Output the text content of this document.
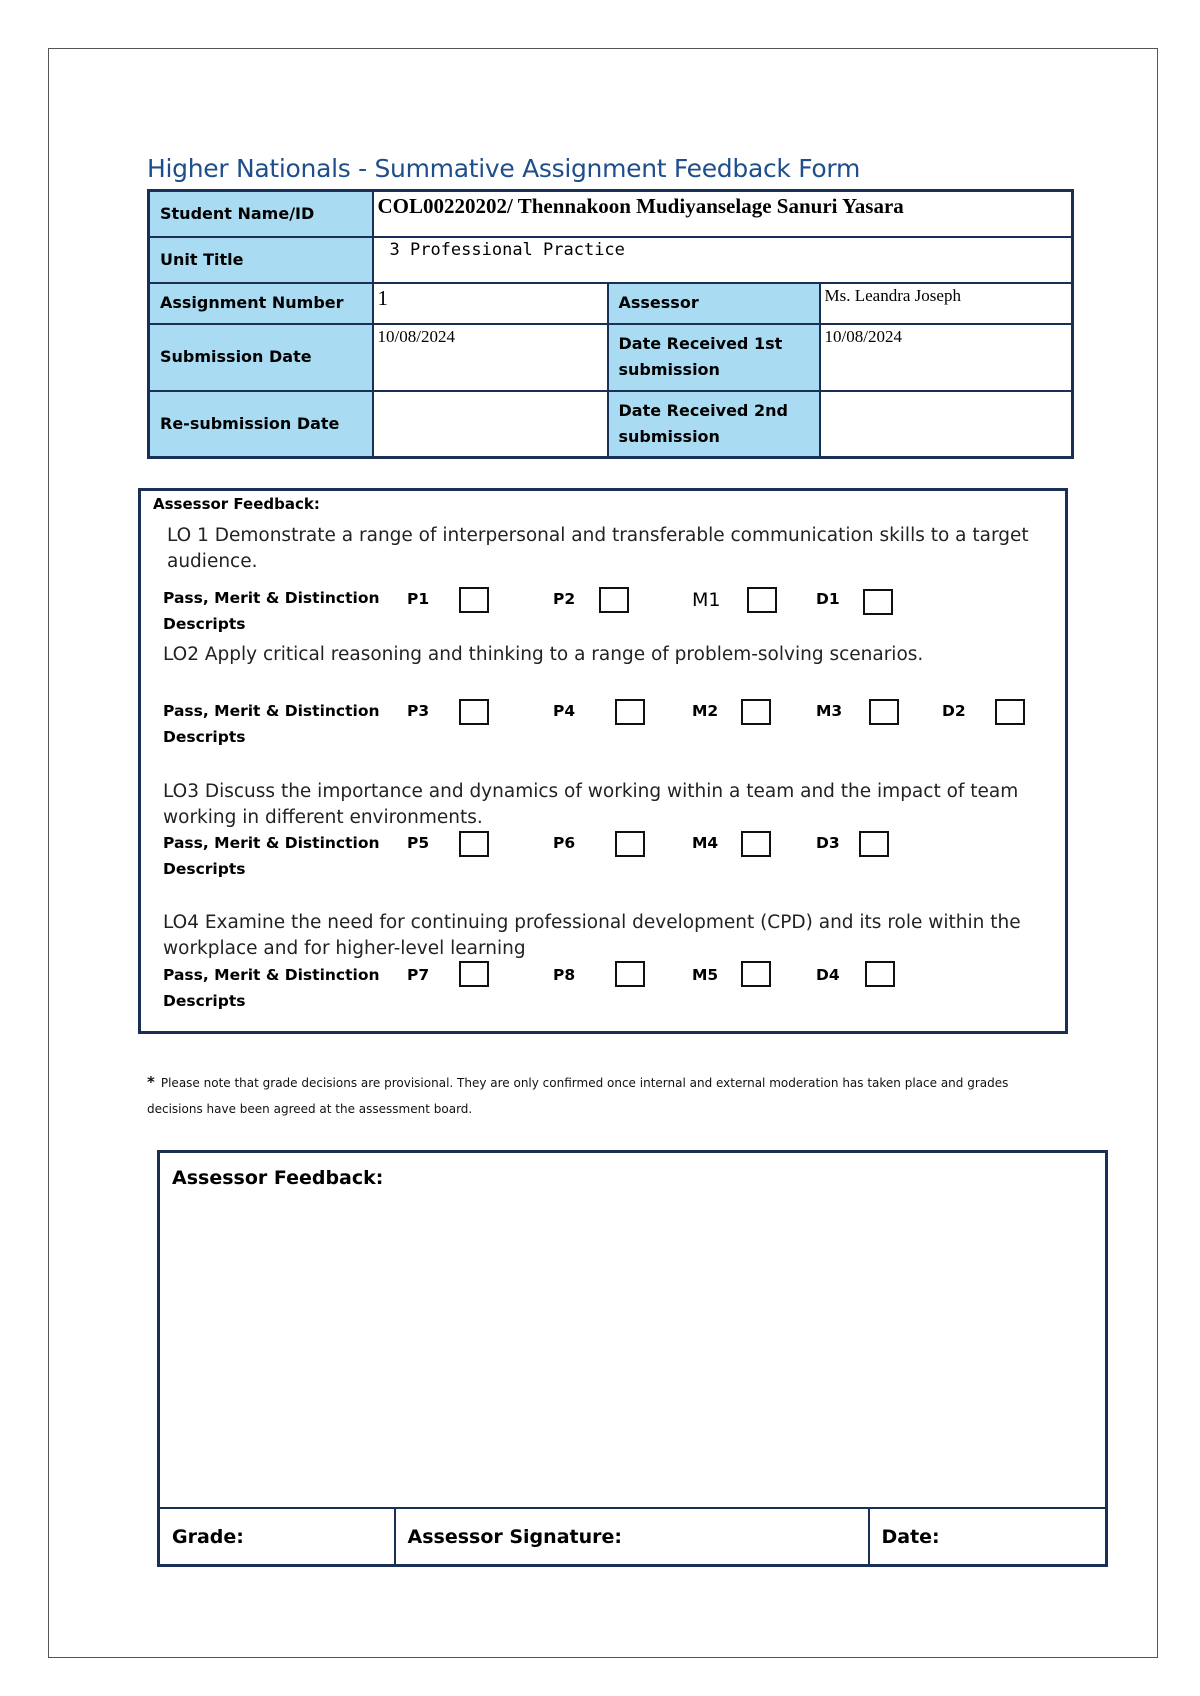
Higher Nationals - Summative Assignment Feedback Form
Student Name/ID	COL00220202/ Thennakoon Mudiyanselage Sanuri Yasara		
Unit Title	3 Professional Practice		
Assignment Number	1	Assessor	Ms. Leandra Joseph
Submission Date	10/08/2024	Date Received 1st submission	10/08/2024
Re-submission Date		Date Received 2nd submission	
Assessor Feedback:
LO 1 Demonstrate a range of interpersonal and transferable communication skills to a target audience.
Pass, Merit & Distinction Descripts
P1	P2	M1	D1
LO2 Apply critical reasoning and thinking to a range of problem-solving scenarios.
Pass, Merit & Distinction Descripts
P3	P4	M2	M3	D2
LO3 Discuss the importance and dynamics of working within a team and the impact of team working in different environments.
Pass, Merit & Distinction Descripts
P5	P6	M4	D3
LO4 Examine the need for continuing professional development (CPD) and its role within the workplace and for higher-level learning
Pass, Merit & Distinction Descripts
P7	P8	M5	D4
* Please note that grade decisions are provisional. They are only confirmed once internal and external moderation has taken place and grades decisions have been agreed at the assessment board.
Assessor Feedback:
Grade:	Assessor Signature:	Date:
